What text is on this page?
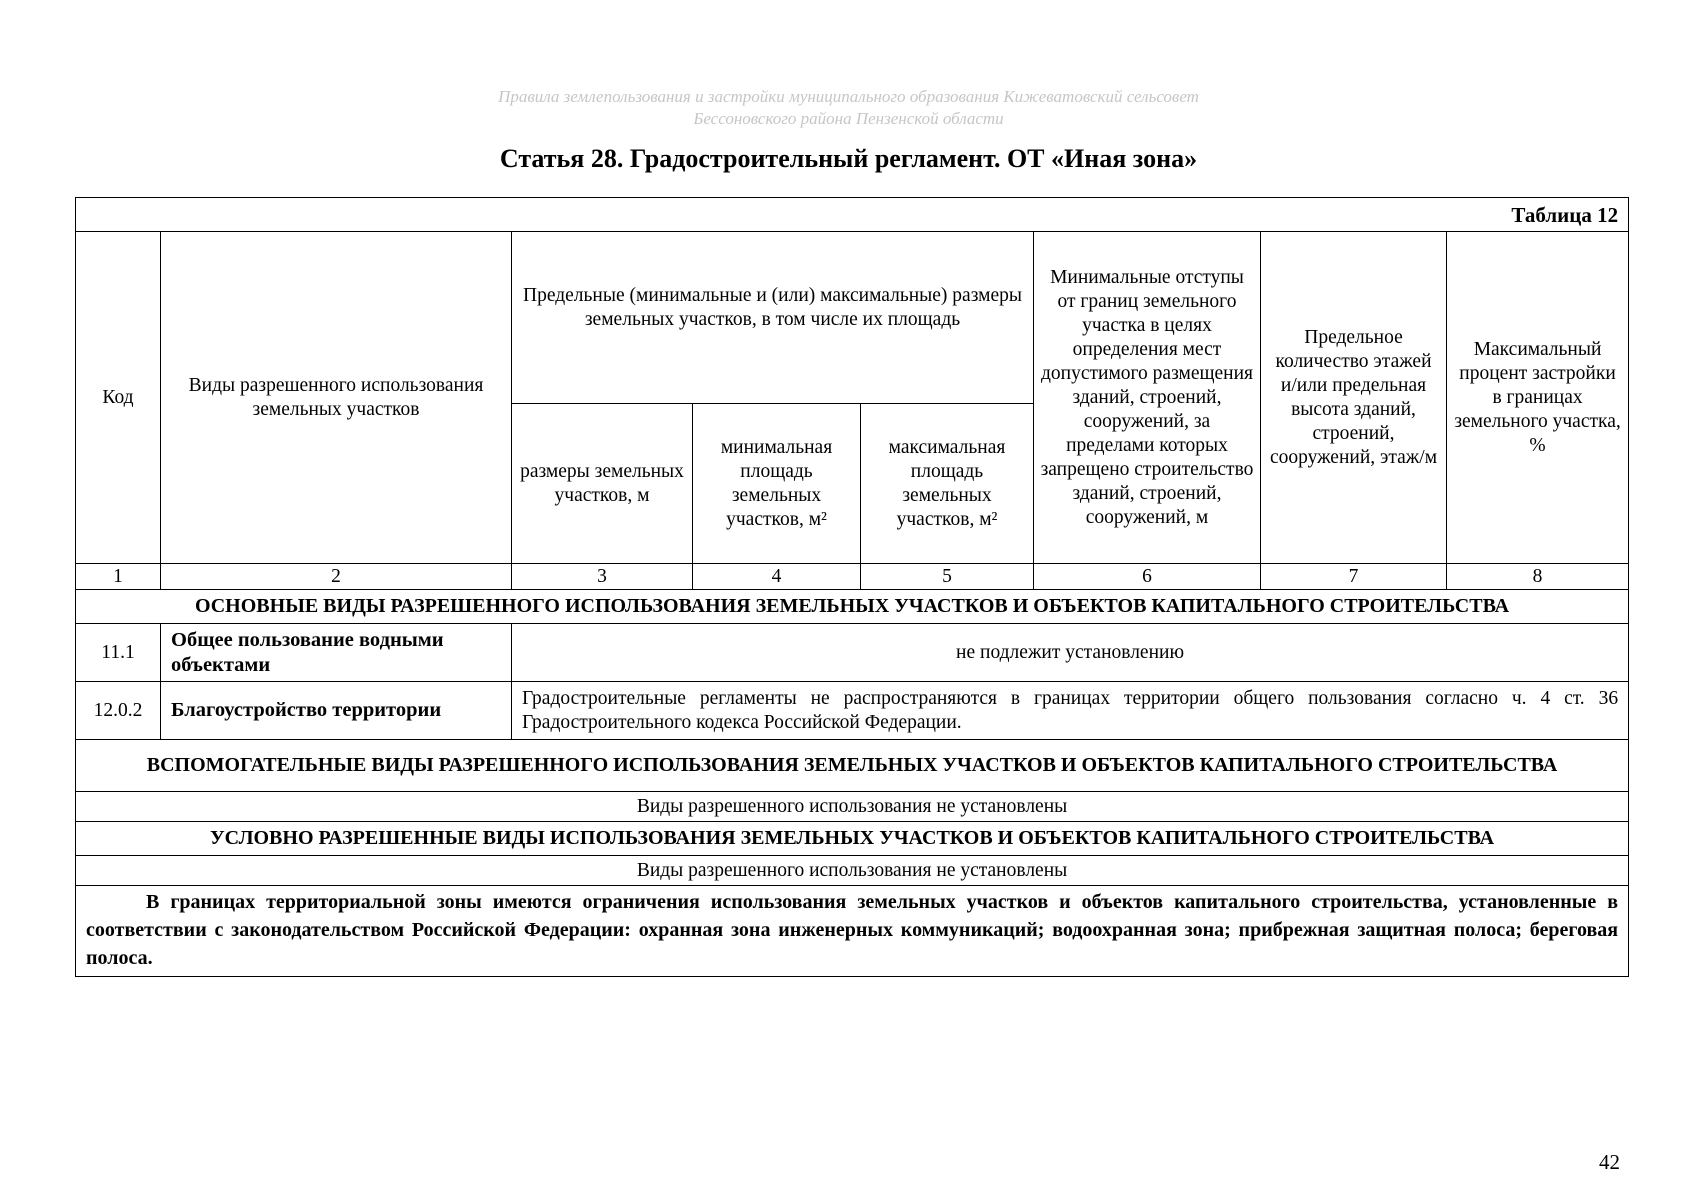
Правила землепользования и застройки муниципального образования Кижеватовский сельсовет
Бессоновского района Пензенской области
Статья 28. Градостроительный регламент. ОТ «Иная зона»
Таблица 12							
Код	Виды разрешенного использования земельных участков	Предельные (минимальные и (или) максимальные) размеры земельных участков, в том числе их площадь			Минимальные отступы от границ земельного участка в целях определения мест допустимого размещения зданий, строений, сооружений, за пределами которых запрещено строительство зданий, строений, сооружений, м	Предельное количество этажей и/или предельная высота зданий, строений, сооружений, этаж/м	Максимальный процент застройки в границах земельного участка, %
		размеры земельных участков, м	минимальная площадь земельных участков, м²	максимальная площадь земельных участков, м²			
1	2	3	4	5	6	7	8
ОСНОВНЫЕ ВИДЫ РАЗРЕШЕННОГО ИСПОЛЬЗОВАНИЯ ЗЕМЕЛЬНЫХ УЧАСТКОВ И ОБЪЕКТОВ КАПИТАЛЬНОГО СТРОИТЕЛЬСТВА							
11.1	Общее пользование водными объектами	не подлежит установлению					
12.0.2	Благоустройство территории	Градостроительные регламенты не распространяются в границах территории общего пользования согласно ч. 4 ст. 36 Градостроительного кодекса Российской Федерации.					
ВСПОМОГАТЕЛЬНЫЕ ВИДЫ РАЗРЕШЕННОГО ИСПОЛЬЗОВАНИЯ ЗЕМЕЛЬНЫХ УЧАСТКОВ И ОБЪЕКТОВ КАПИТАЛЬНОГО СТРОИТЕЛЬСТВА							
Виды разрешенного использования не установлены							
УСЛОВНО РАЗРЕШЕННЫЕ ВИДЫ ИСПОЛЬЗОВАНИЯ ЗЕМЕЛЬНЫХ УЧАСТКОВ И ОБЪЕКТОВ КАПИТАЛЬНОГО СТРОИТЕЛЬСТВА							
Виды разрешенного использования не установлены							
В границах территориальной зоны имеются ограничения использования земельных участков и объектов капитального строительства, установленные в соответствии с законодательством Российской Федерации: охранная зона инженерных коммуникаций; водоохранная зона; прибрежная защитная полоса; береговая полоса.							
42
